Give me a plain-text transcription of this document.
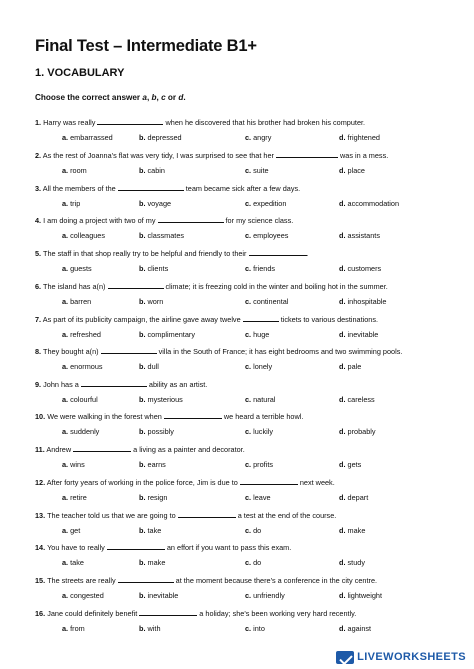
Final Test – Intermediate B1+
1. VOCABULARY
Choose the correct answer a, b, c or d.
1. Harry was really	when he discovered that his brother had broken his computer.
a. embarrassed	b. depressed	c. angry	d. frightened
2. As the rest of Joanna's flat was very tidy, I was surprised to see that her	was in a mess.
a. room	b. cabin	c. suite	d. place
3. All the members of the	team became sick after a few days.
a. trip	b. voyage	c. expedition	d. accommodation
4. I am doing a project with two of my	for my science class.
a. colleagues	b. classmates	c. employees	d. assistants
5. The staff in that shop really try to be helpful and friendly to their	.
a. guests	b. clients	c. friends	d. customers
6. The island has a(n)	climate; it is freezing cold in the winter and boiling hot in the summer.
a. barren	b. worn	c. continental	d. inhospitable
7. As part of its publicity campaign, the airline gave away twelve	tickets to various destinations.
a. refreshed	b. complimentary	c. huge	d. inevitable
8. They bought a(n)	villa in the South of France; it has eight bedrooms and two swimming pools.
a. enormous	b. dull	c. lonely	d. pale
9. John has a	ability as an artist.
a. colourful	b. mysterious	c. natural	d. careless
10. We were walking in the forest when	we heard a terrible howl.
a. suddenly	b. possibly	c. luckily	d. probably
11. Andrew	a living as a painter and decorator.
a. wins	b. earns	c. profits	d. gets
12. After forty years of working in the police force, Jim is due to	next week.
a. retire	b. resign	c. leave	d. depart
13. The teacher told us that we are going to	a test at the end of the course.
a. get	b. take	c. do	d. make
14. You have to really	an effort if you want to pass this exam.
a. take	b. make	c. do	d. study
15. The streets are really	at the moment because there's a conference in the city centre.
a. congested	b. inevitable	c. unfriendly	d. lightweight
16. Jane could definitely benefit	a holiday; she's been working very hard recently.
a. from	b. with	c. into	d. against
LIVEWORKSHEETS
